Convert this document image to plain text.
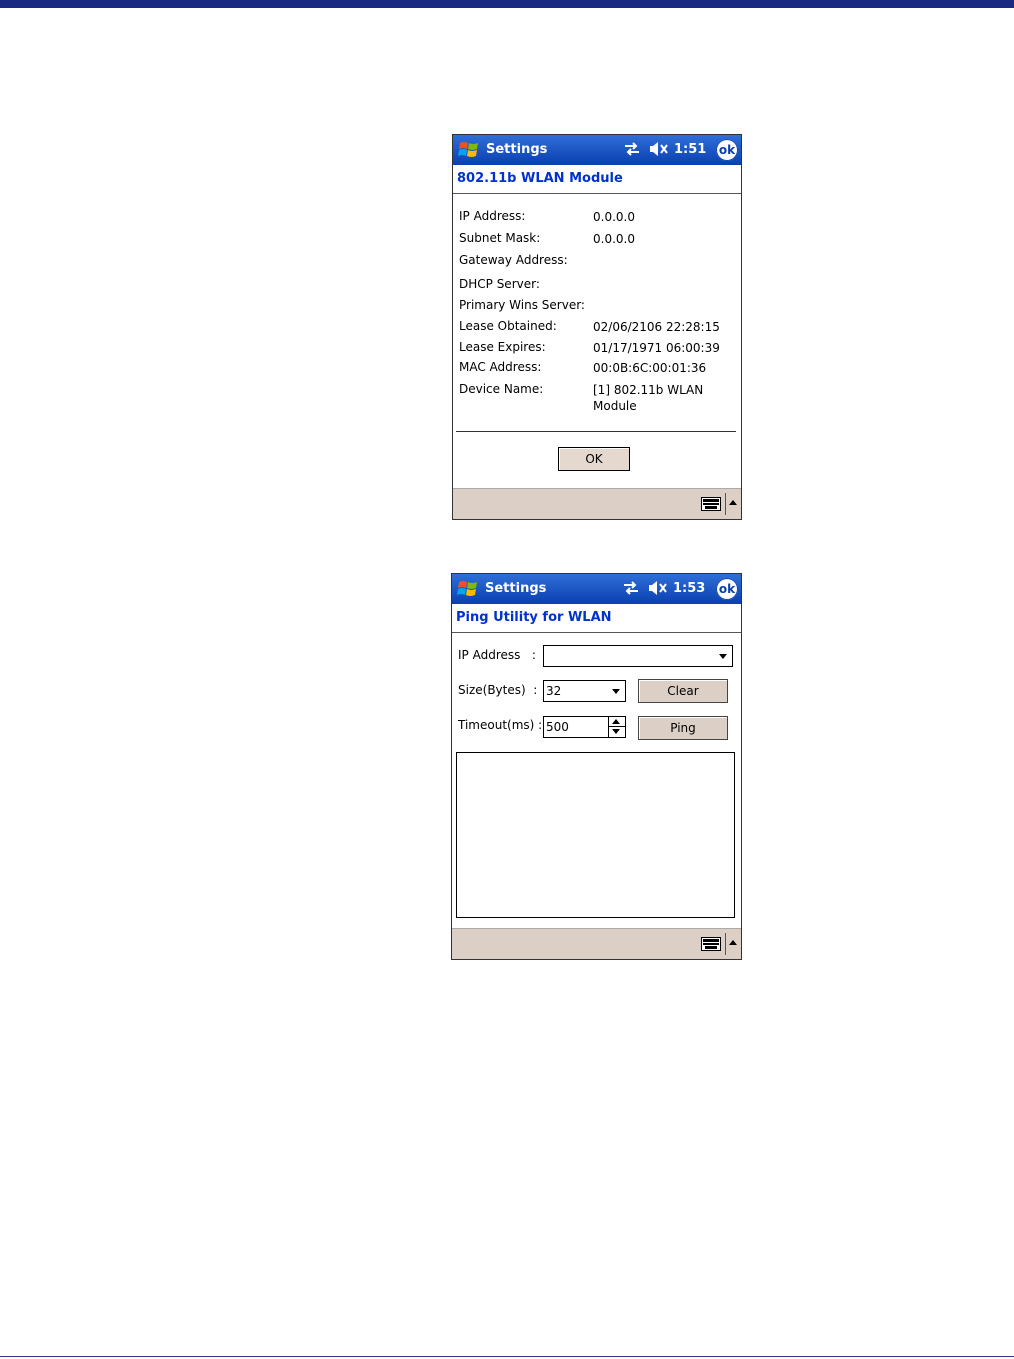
Settings	1:51 ok
802.11b WLAN Module
IP Address:	0.0.0.0
Subnet Mask:	0.0.0.0
Gateway Address:
DHCP Server:
Primary Wins Server:
Lease Obtained:	02/06/2106 22:28:15
Lease Expires:	01/17/1971 06:00:39
MAC Address:	00:0B:6C:00:01:36
Device Name:	[1] 802.11b WLAN Module
OK
Settings	1:53 ok
Ping Utility for WLAN
IP Address   :
Size(Bytes)  : 32	Clear
Timeout(ms) : 500	Ping
